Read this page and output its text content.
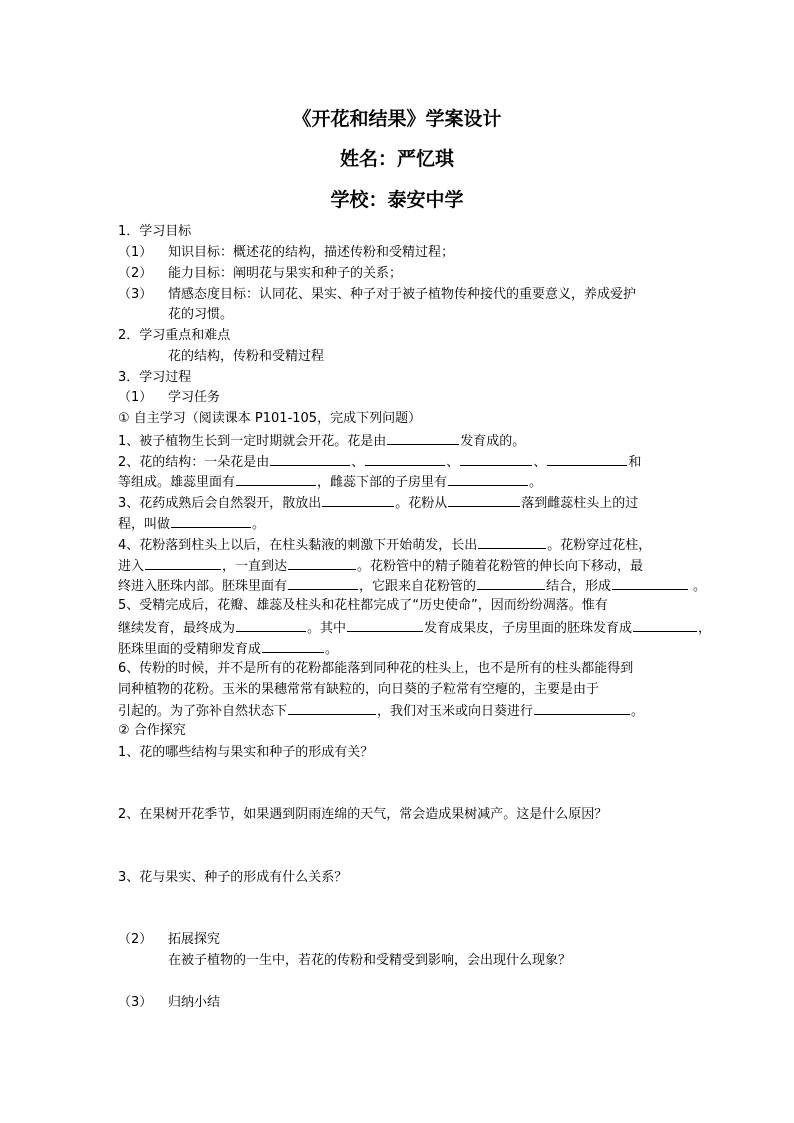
《开花和结果》学案设计
姓名：严忆琪
学校：泰安中学
1．学习目标
（1） 知识目标：概述花的结构，描述传粉和受精过程；
（2） 能力目标：阐明花与果实和种子的关系；
（3） 情感态度目标：认同花、果实、种子对于被子植物传种接代的重要意义，养成爱护
花的习惯。
2．学习重点和难点
花的结构，传粉和受精过程
3．学习过程
（1） 学习任务
① 自主学习（阅读课本 P101-105，完成下列问题）
1、被子植物生长到一定时期就会开花。花是由	发育成的。
2、花的结构：一朵花是由	、	、	、	和
等组成。雄蕊里面有	，雌蕊下部的子房里有	。
3、花药成熟后会自然裂开，散放出	。花粉从	落到雌蕊柱头上的过
程，叫做	。
4、花粉落到柱头上以后，在柱头黏液的刺激下开始萌发，长出	。花粉穿过花柱，
进入	，一直到达	。花粉管中的精子随着花粉管的伸长向下移动，最
终进入胚珠内部。胚珠里面有	，它跟来自花粉管的	结合，形成	。
5、受精完成后，花瓣、雄蕊及柱头和花柱都完成了“历史使命”，因而纷纷凋落。惟有
继续发育，最终成为	。其中	发育成果皮，子房里面的胚珠发育成	，
胚珠里面的受精卵发育成	。
6、传粉的时候，并不是所有的花粉都能落到同种花的柱头上，也不是所有的柱头都能得到
同种植物的花粉。玉米的果穗常常有缺粒的，向日葵的子粒常有空瘪的，主要是由于
引起的。为了弥补自然状态下	，我们对玉米或向日葵进行	。
② 合作探究
1、花的哪些结构与果实和种子的形成有关？
2、在果树开花季节，如果遇到阴雨连绵的天气，常会造成果树减产。这是什么原因？
3、花与果实、种子的形成有什么关系？
（2） 拓展探究
在被子植物的一生中，若花的传粉和受精受到影响，会出现什么现象？
（3） 归纳小结
